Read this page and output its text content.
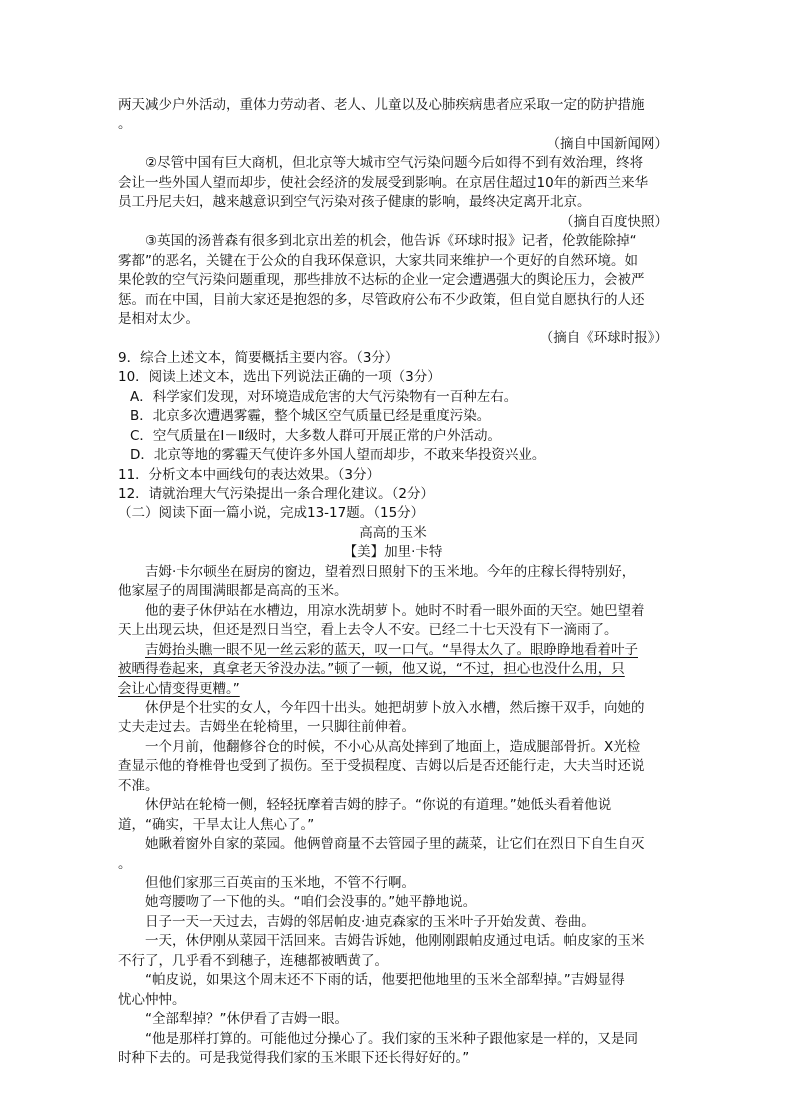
两天减少户外活动，重体力劳动者、老人、儿童以及心肺疾病患者应采取一定的防护措施
。
（摘自中国新闻网）
②尽管中国有巨大商机，但北京等大城市空气污染问题今后如得不到有效治理，终将
会让一些外国人望而却步，使社会经济的发展受到影响。在京居住超过10年的新西兰来华
员工丹尼夫妇，越来越意识到空气污染对孩子健康的影响，最终决定离开北京。
（摘自百度快照）
③英国的汤普森有很多到北京出差的机会，他告诉《环球时报》记者，伦敦能除掉“
雾都”的恶名，关键在于公众的自我环保意识，大家共同来维护一个更好的自然环境。如
果伦敦的空气污染问题重现，那些排放不达标的企业一定会遭遇强大的舆论压力，会被严
惩。而在中国，目前大家还是抱怨的多，尽管政府公布不少政策，但自觉自愿执行的人还
是相对太少。
（摘自《环球时报》）
9．综合上述文本，简要概括主要内容。（3分）
10．阅读上述文本，选出下列说法正确的一项（3分）
A．科学家们发现，对环境造成危害的大气污染物有一百种左右。
B．北京多次遭遇雾霾，整个城区空气质量已经是重度污染。
C．空气质量在Ⅰ－Ⅱ级时，大多数人群可开展正常的户外活动。
D．北京等地的雾霾天气使许多外国人望而却步，不敢来华投资兴业。
11．分析文本中画线句的表达效果。（3分）
12．请就治理大气污染提出一条合理化建议。（2分）
（二）阅读下面一篇小说，完成13-17题。（15分）
高高的玉米
【美】加里·卡特
吉姆·卡尔顿坐在厨房的窗边，望着烈日照射下的玉米地。今年的庄稼长得特别好，
他家屋子的周围满眼都是高高的玉米。
他的妻子休伊站在水槽边，用凉水洗胡萝卜。她时不时看一眼外面的天空。她巴望着
天上出现云块，但还是烈日当空，看上去令人不安。已经二十七天没有下一滴雨了。
吉姆抬头瞧一眼不见一丝云彩的蓝天，叹一口气。“旱得太久了。眼睁睁地看着叶子
被晒得卷起来，真拿老天爷没办法。”顿了一顿，他又说，“不过，担心也没什么用，只
会让心情变得更糟。”
休伊是个壮实的女人，今年四十出头。她把胡萝卜放入水槽，然后擦干双手，向她的
丈夫走过去。吉姆坐在轮椅里，一只脚往前伸着。
一个月前，他翻修谷仓的时候，不小心从高处摔到了地面上，造成腿部骨折。X光检
查显示他的脊椎骨也受到了损伤。至于受损程度、吉姆以后是否还能行走，大夫当时还说
不准。
休伊站在轮椅一侧，轻轻抚摩着吉姆的脖子。“你说的有道理。”她低头看着他说
道，“确实，干旱太让人焦心了。”
她瞅着窗外自家的菜园。他俩曾商量不去管园子里的蔬菜，让它们在烈日下自生自灭
。
但他们家那三百英亩的玉米地，不管不行啊。
她弯腰吻了一下他的头。“咱们会没事的。”她平静地说。
日子一天一天过去，吉姆的邻居帕皮·迪克森家的玉米叶子开始发黄、卷曲。
一天，休伊刚从菜园干活回来。吉姆告诉她，他刚刚跟帕皮通过电话。帕皮家的玉米
不行了，几乎看不到穗子，连穗都被晒黄了。
“帕皮说，如果这个周末还不下雨的话，他要把他地里的玉米全部犁掉。”吉姆显得
忧心忡忡。
“全部犁掉？”休伊看了吉姆一眼。
“他是那样打算的。可能他过分操心了。我们家的玉米种子跟他家是一样的，又是同
时种下去的。可是我觉得我们家的玉米眼下还长得好好的。”
